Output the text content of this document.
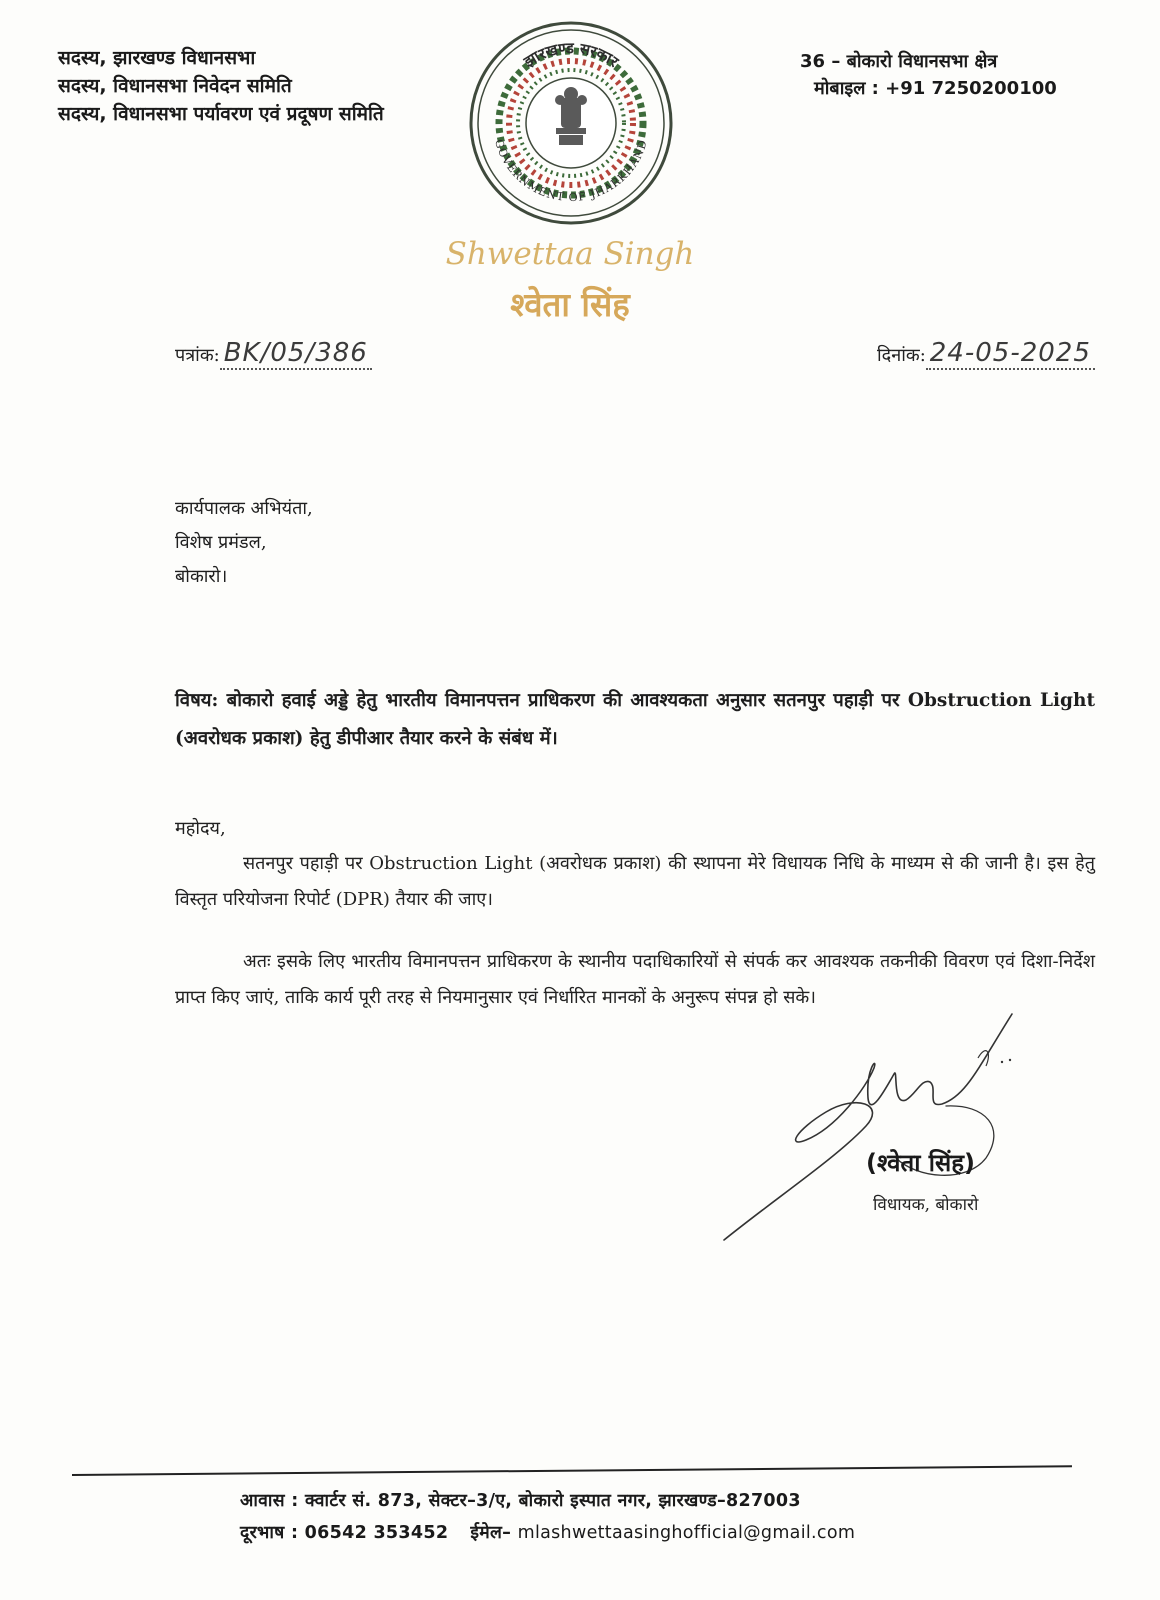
सदस्य, झारखण्ड विधानसभा
सदस्य, विधानसभा निवेदन समिति
सदस्य, विधानसभा पर्यावरण एवं प्रदूषण समिति
36 – बोकारो विधानसभा क्षेत्र
मोबाइल : +91 7250200100
झारखण्ड सरकार
GOVERNMENT OF JHARKHAND
Shwettaa Singh
श्वेता सिंह
पत्रांक: BK/05/386	दिनांक: 24-05-2025
कार्यपालक अभियंता,
विशेष प्रमंडल,
बोकारो।
विषय: बोकारो हवाई अड्डे हेतु भारतीय विमानपत्तन प्राधिकरण की आवश्यकता अनुसार सतनपुर पहाड़ी पर Obstruction Light (अवरोधक प्रकाश) हेतु डीपीआर तैयार करने के संबंध में।
महोदय,
सतनपुर पहाड़ी पर Obstruction Light (अवरोधक प्रकाश) की स्थापना मेरे विधायक निधि के माध्यम से की जानी है। इस हेतु विस्तृत परियोजना रिपोर्ट (DPR) तैयार की जाए।
अतः इसके लिए भारतीय विमानपत्तन प्राधिकरण के स्थानीय पदाधिकारियों से संपर्क कर आवश्यक तकनीकी विवरण एवं दिशा-निर्देश प्राप्त किए जाएं, ताकि कार्य पूरी तरह से नियमानुसार एवं निर्धारित मानकों के अनुरूप संपन्न हो सके।
(श्वेता सिंह)
विधायक, बोकारो
आवास : क्वार्टर सं. 873, सेक्टर–3/ए, बोकारो इस्पात नगर, झारखण्ड–827003
दूरभाष : 06542 353452 ईमेल– mlashwettaasinghofficial@gmail.com
